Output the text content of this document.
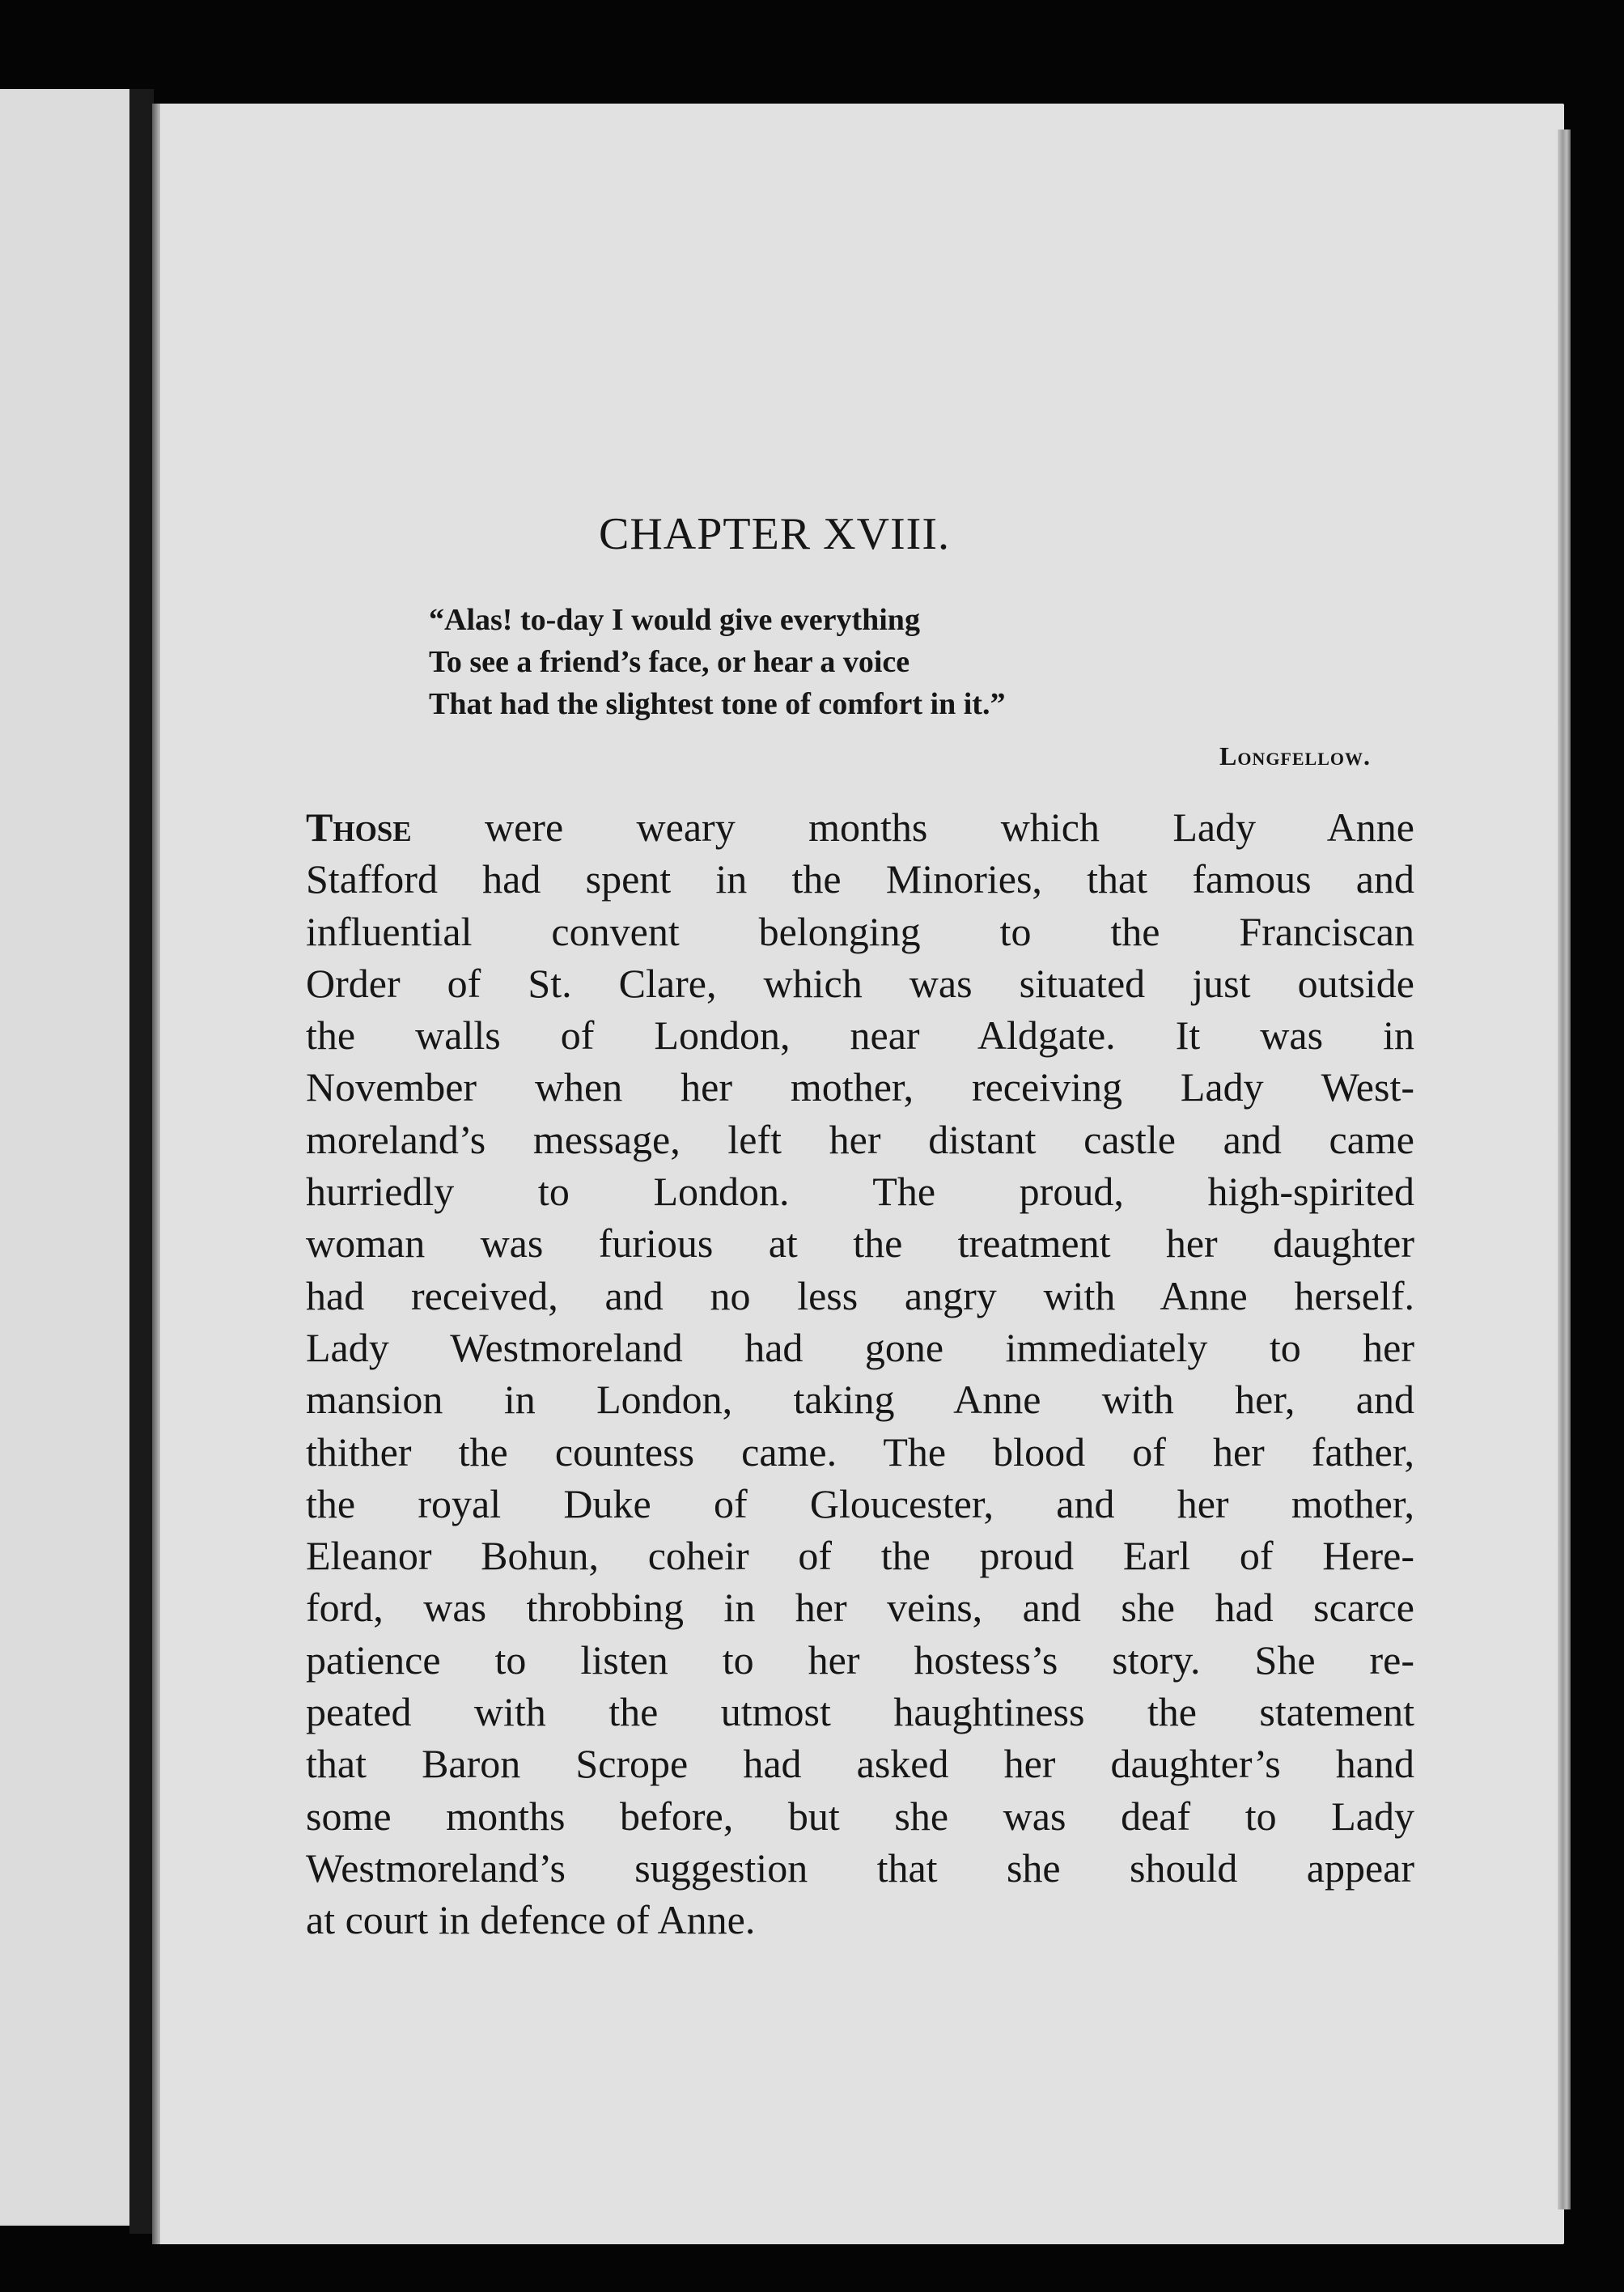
CHAPTER XVIII.
“Alas! to-day I would give everything
To see a friend’s face, or hear a voice
That had the slightest tone of comfort in it.”
Longfellow.
Those were weary months which Lady Anne
Stafford had spent in the Minories, that famous and
influential convent belonging to the Franciscan
Order of St. Clare, which was situated just outside
the walls of London, near Aldgate. It was in
November when her mother, receiving Lady West-
moreland’s message, left her distant castle and came
hurriedly to London. The proud, high-spirited
woman was furious at the treatment her daughter
had received, and no less angry with Anne herself.
Lady Westmoreland had gone immediately to her
mansion in London, taking Anne with her, and
thither the countess came. The blood of her father,
the royal Duke of Gloucester, and her mother,
Eleanor Bohun, coheir of the proud Earl of Here-
ford, was throbbing in her veins, and she had scarce
patience to listen to her hostess’s story. She re-
peated with the utmost haughtiness the statement
that Baron Scrope had asked her daughter’s hand
some months before, but she was deaf to Lady
Westmoreland’s suggestion that she should appear
at court in defence of Anne.
